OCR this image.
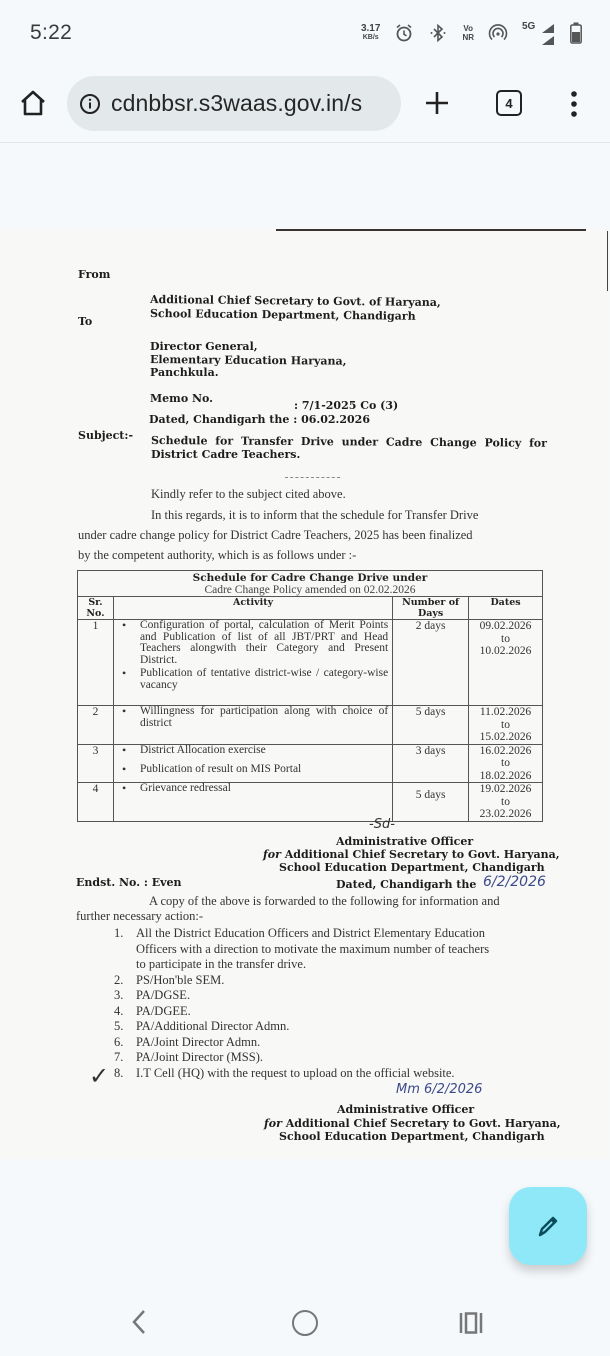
5:22	3.17
KB/s
Vo
NR
5G
cdnbbsr.s3waas.gov.in/s	4
From
Additional Chief Secretary to Govt. of Haryana,
School Education Department, Chandigarh
To
Director General,
Elementary Education Haryana,
Panchkula.
Memo No.
: 7/1-2025 Co (3)
Dated, Chandigarh the : 06.02.2026
Subject:- Schedule for Transfer Drive under Cadre Change Policy for
District Cadre Teachers.
Kindly refer to the subject cited above.
In this regards, it is to inform that the schedule for Transfer Drive
under cadre change policy for District Cadre Teachers, 2025 has been finalized
by the competent authority, which is as follows under :-
Schedule for Cadre Change Drive under
Cadre Change Policy amended on 02.02.2026			

Sr. No.	Activity	Number of Days	Dates
1	
•Configuration of portal, calculation of Merit Points and Publication of list of all JBT/PRT and Head Teachers alongwith their Category and Present District.
• Publication of tentative district-wise / category-wise vacancy
	2 days	09.02.2026
to
10.02.2026

2	
•Willingness for participation along with choice of district
	5 days	11.02.2026
to
15.02.2026

3	
•District Allocation exercise
• Publication of result on MIS Portal
	3 days	16.02.2026
to
18.02.2026

4	
•Grievance redressal
	5 days	19.02.2026
to
23.02.2026
-Sd-
Administrative Officer
for Additional Chief Secretary to Govt. Haryana,
School Education Department, Chandigarh
Endst. No. : Even	Dated, Chandigarh the 6/2/2026
A copy of the above is forwarded to the following for information and
further necessary action:-
1.	All the District Education Officers and District Elementary Education
Officers with a direction to motivate the maximum number of teachers
to participate in the transfer drive.
2.	PS/Hon'ble SEM.
3.	PA/DGSE.
4.	PA/DGEE.
5.	PA/Additional Director Admn.
6.	PA/Joint Director Admn.
7.	PA/Joint Director (MSS).
8.	I.T Cell (HQ) with the request to upload on the official website.
✓	Mm 6/2/2026
Administrative Officer
for Additional Chief Secretary to Govt. Haryana,
School Education Department, Chandigarh
